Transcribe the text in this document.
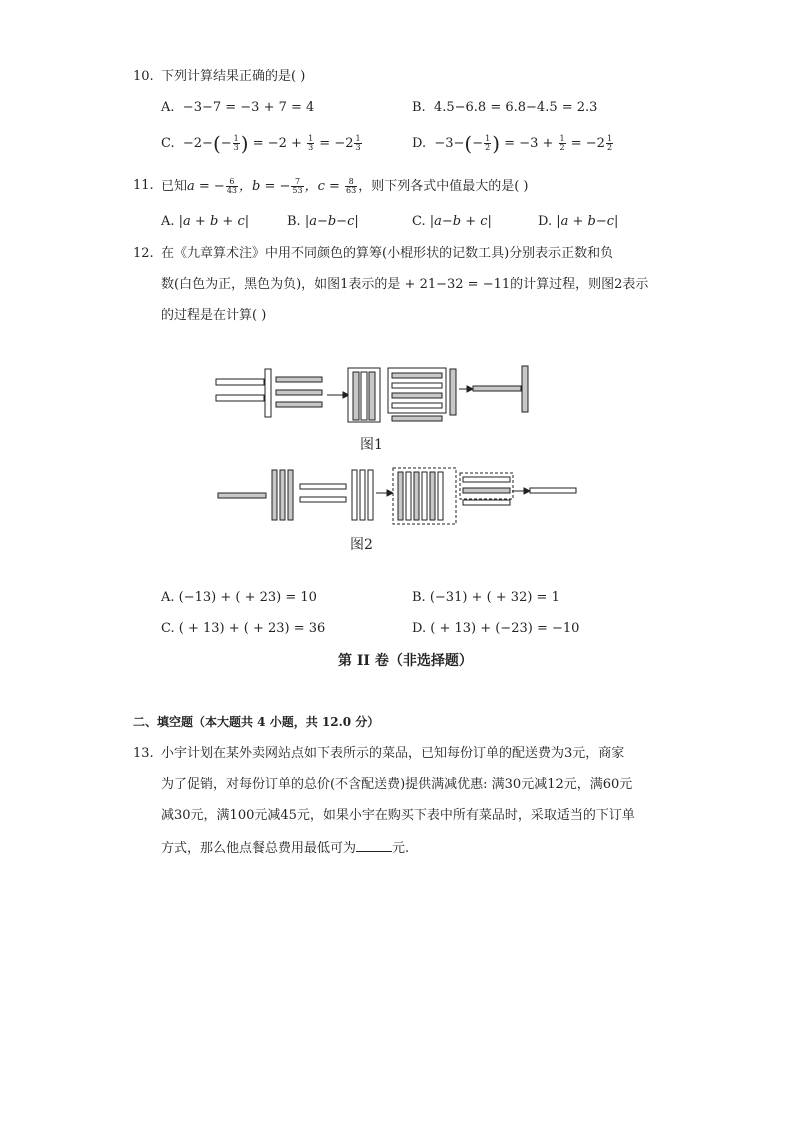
10. 下列计算结果正确的是( )
A. −3−7 = −3 + 7 = 4	B. 4.5−6.8 = 6.8−4.5 = 2.3
C. $-2-(- \frac{1}{3}$ ) = $-2 + \frac{1}{3} = -2 \frac{1}{3}$	D. $-3-(- \frac{1}{2}$ ) = $-3 + \frac{1}{2} = -2 \frac{1}{2}$
11. 已知a = − $\frac{6}{43}$ ，b = − $\frac{7}{53}$ ，$c = \frac{8}{63}$ ，则下列各式中值最大的是( )
A. |a + b + c|	B. |a−b−c|	C. |a−b + c|	D. |a + b−c|
12. 在《九章算术注》中用不同颜色的算筹(小棍形状的记数工具)分别表示正数和负
数(白色为正，黑色为负)，如图1表示的是 + 21−32 = −11的计算过程，则图2表示
的过程是在计算( )
图1
图2
A. (−13) + ( + 23) = 10	B. (−31) + ( + 32) = 1
C. ( + 13) + ( + 23) = 36	D. ( + 13) + (−23) = −10
第 II 卷（非选择题）
二、填空题（本大题共 4 小题，共 12.0 分）
13. 小宇计划在某外卖网站点如下表所示的菜品，已知每份订单的配送费为3元，商家
为了促销，对每份订单的总价(不含配送费)提供满减优惠: 满30元减12元，满60元
减30元，满100元减45元，如果小宇在购买下表中所有菜品时，采取适当的下订单
方式，那么他点餐总费用最低可为	元.
